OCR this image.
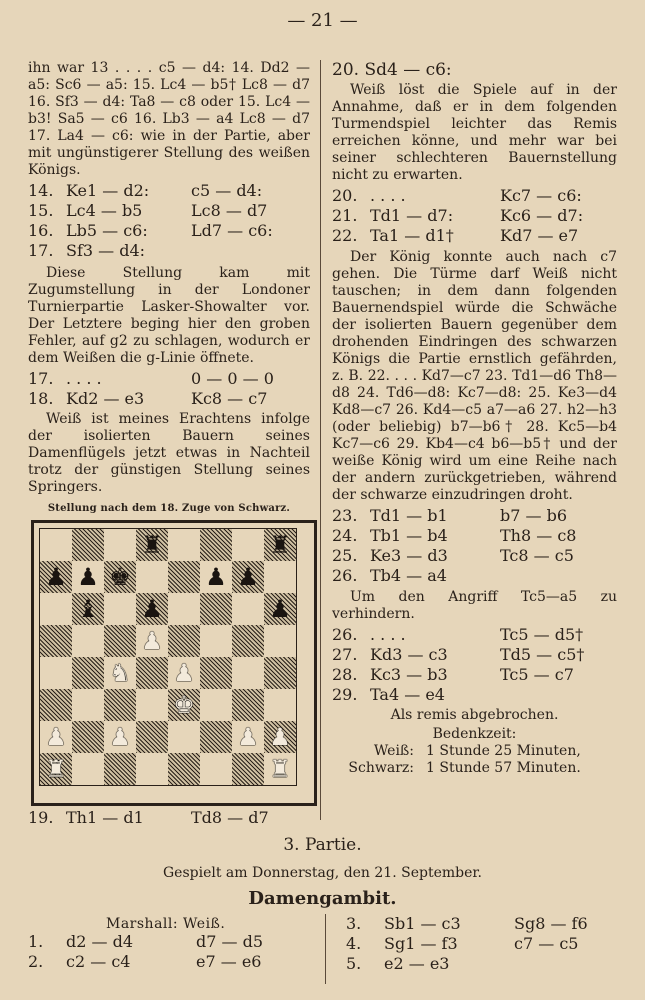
— 21 —

ihn war 13 . . . . c5 — d4: 14. Dd2 — a5: Sc6 — a5: 15. Lc4 — b5† Lc8 — d7 16. Sf3 — d4: Ta8 — c8 oder 15. Lc4 — b3! Sa5 — c6 16. Lb3 — a4 Lc8 — d7 17. La4 — c6: wie in der Partie, aber mit ungünstigerer Stellung des weißen Königs.

14. Ke1 — d2:	c5 — d4:
15. Lc4 — b5	Lc8 — d7
16. Lb5 — c6:	Ld7 — c6:
17. Sf3 — d4:

Diese Stellung kam mit Zugumstellung in der Londoner Turnierpartie Lasker-Showalter vor. Der Letztere beging hier den groben Fehler, auf g2 zu schlagen, wodurch er dem Weißen die g-Linie öffnete.

17. . . . .	0 — 0 — 0
18. Kd2 — e3	Kc8 — c7

Weiß ist meines Erachtens infolge der isolierten Bauern seines Damenflügels jetzt etwas in Nachteil trotz der günstigen Stellung seines Springers.

Stellung nach dem 18. Zuge von Schwarz.
♜	♜
♟ ♟ ♚	♟ ♟
♝ ♟	♟
♟
♞ ♟
♚
♟ ♟	♟ ♟
♜	♜
19. Th1 — d1	Td8 — d7
20. Sd4 — c6:

Weiß löst die Spiele auf in der Annahme, daß er in dem folgenden Turmendspiel leichter das Remis erreichen könne, und mehr war bei seiner schlechteren Bauernstellung nicht zu erwarten.

20. . . . .	Kc7 — c6:
21. Td1 — d7:	Kc6 — d7:
22. Ta1 — d1†	Kd7 — e7

Der König konnte auch nach c7 gehen. Die Türme darf Weiß nicht tauschen; in dem dann folgenden Bauernendspiel würde die Schwäche der isolierten Bauern gegenüber dem drohenden Eindringen des schwarzen Königs die Partie ernstlich gefährden, z. B. 22. . . . Kd7—c7 23. Td1—d6 Th8—d8 24. Td6—d8: Kc7—d8: 25. Ke3—d4 Kd8—c7 26. Kd4—c5 a7—a6 27. h2—h3 (oder beliebig) b7—b6† 28. Kc5—b4 Kc7—c6 29. Kb4—c4 b6—b5† und der weiße König wird um eine Reihe nach der andern zurückgetrieben, während der schwarze einzudringen droht.

23. Td1 — b1	b7 — b6
24. Tb1 — b4	Th8 — c8
25. Ke3 — d3	Tc8 — c5
26. Tb4 — a4

Um den Angriff Tc5—a5 zu verhindern.

26. . . . .	Tc5 — d5†
27. Kd3 — c3	Td5 — c5†
28. Kc3 — b3	Tc5 — c7
29. Ta4 — e4
Als remis abgebrochen.
Bedenkzeit:
Weiß: 1 Stunde 25 Minuten,
Schwarz: 1 Stunde 57 Minuten.
3. Partie.
Gespielt am Donnerstag, den 21. September.
Damengambit.
Marshall: Weiß.
1.	d2 — d4	d7 — d5
2.	c2 — c4	e7 — e6
3.	Sb1 — c3	Sg8 — f6
4.	Sg1 — f3	c7 — c5
5.	e2 — e3
